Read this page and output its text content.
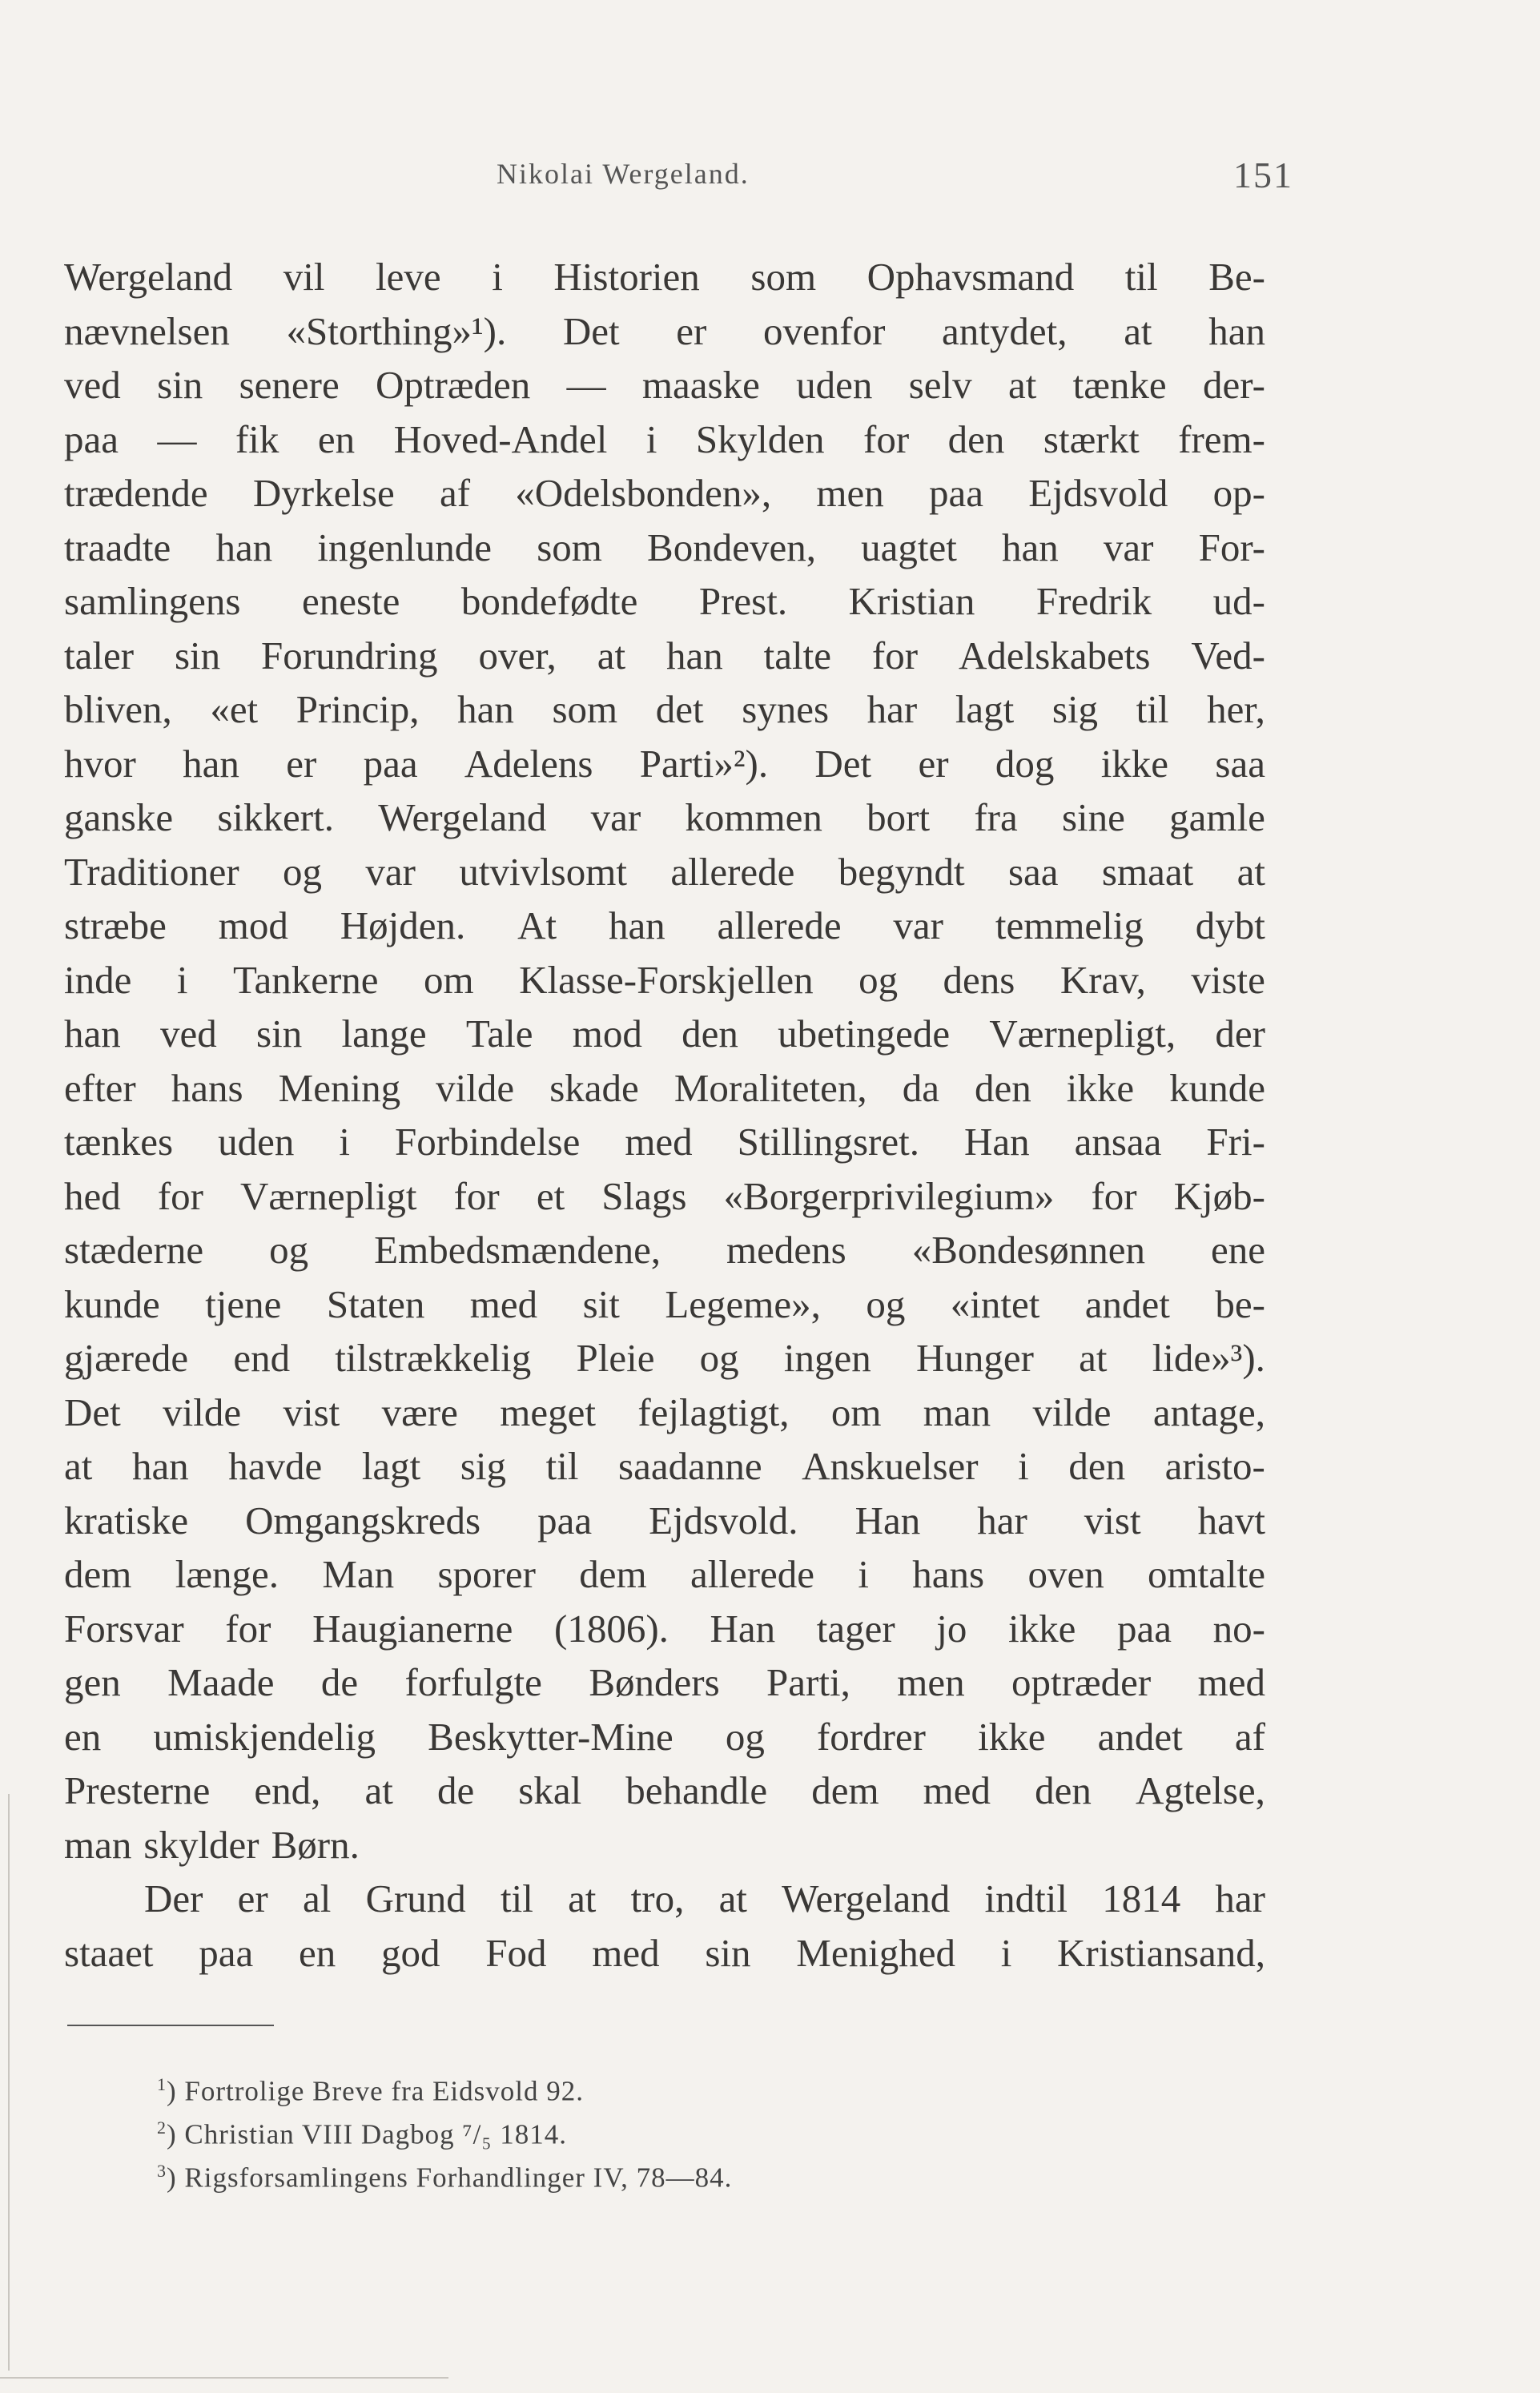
Nikolai Wergeland.	151
Wergeland vil leve i Historien som Ophavsmand til Be-
nævnelsen «Storthing»¹). Det er ovenfor antydet, at han
ved sin senere Optræden — maaske uden selv at tænke der-
paa — fik en Hoved-Andel i Skylden for den stærkt frem-
trædende Dyrkelse af «Odelsbonden», men paa Ejdsvold op-
traadte han ingenlunde som Bondeven, uagtet han var For-
samlingens eneste bondefødte Prest. Kristian Fredrik ud-
taler sin Forundring over, at han talte for Adelskabets Ved-
bliven, «et Princip, han som det synes har lagt sig til her,
hvor han er paa Adelens Parti»²). Det er dog ikke saa
ganske sikkert. Wergeland var kommen bort fra sine gamle
Traditioner og var utvivlsomt allerede begyndt saa smaat at
stræbe mod Højden. At han allerede var temmelig dybt
inde i Tankerne om Klasse-Forskjellen og dens Krav, viste
han ved sin lange Tale mod den ubetingede Værnepligt, der
efter hans Mening vilde skade Moraliteten, da den ikke kunde
tænkes uden i Forbindelse med Stillingsret. Han ansaa Fri-
hed for Værnepligt for et Slags «Borgerprivilegium» for Kjøb-
stæderne og Embedsmændene, medens «Bondesønnen ene
kunde tjene Staten med sit Legeme», og «intet andet be-
gjærede end tilstrækkelig Pleie og ingen Hunger at lide»³).
Det vilde vist være meget fejlagtigt, om man vilde antage,
at han havde lagt sig til saadanne Anskuelser i den aristo-
kratiske Omgangskreds paa Ejdsvold. Han har vist havt
dem længe. Man sporer dem allerede i hans oven omtalte
Forsvar for Haugianerne (1806). Han tager jo ikke paa no-
gen Maade de forfulgte Bønders Parti, men optræder med
en umiskjendelig Beskytter-Mine og fordrer ikke andet af
Presterne end, at de skal behandle dem med den Agtelse,
man skylder Børn.
Der er al Grund til at tro, at Wergeland indtil 1814 har
staaet paa en god Fod med sin Menighed i Kristiansand,
$^1$) Fortrolige Breve fra Eidsvold 92.
$^2$) Christian VIII Dagbog ⁷/₅ 1814.
$^3$) Rigsforsamlingens Forhandlinger IV, 78—84.
